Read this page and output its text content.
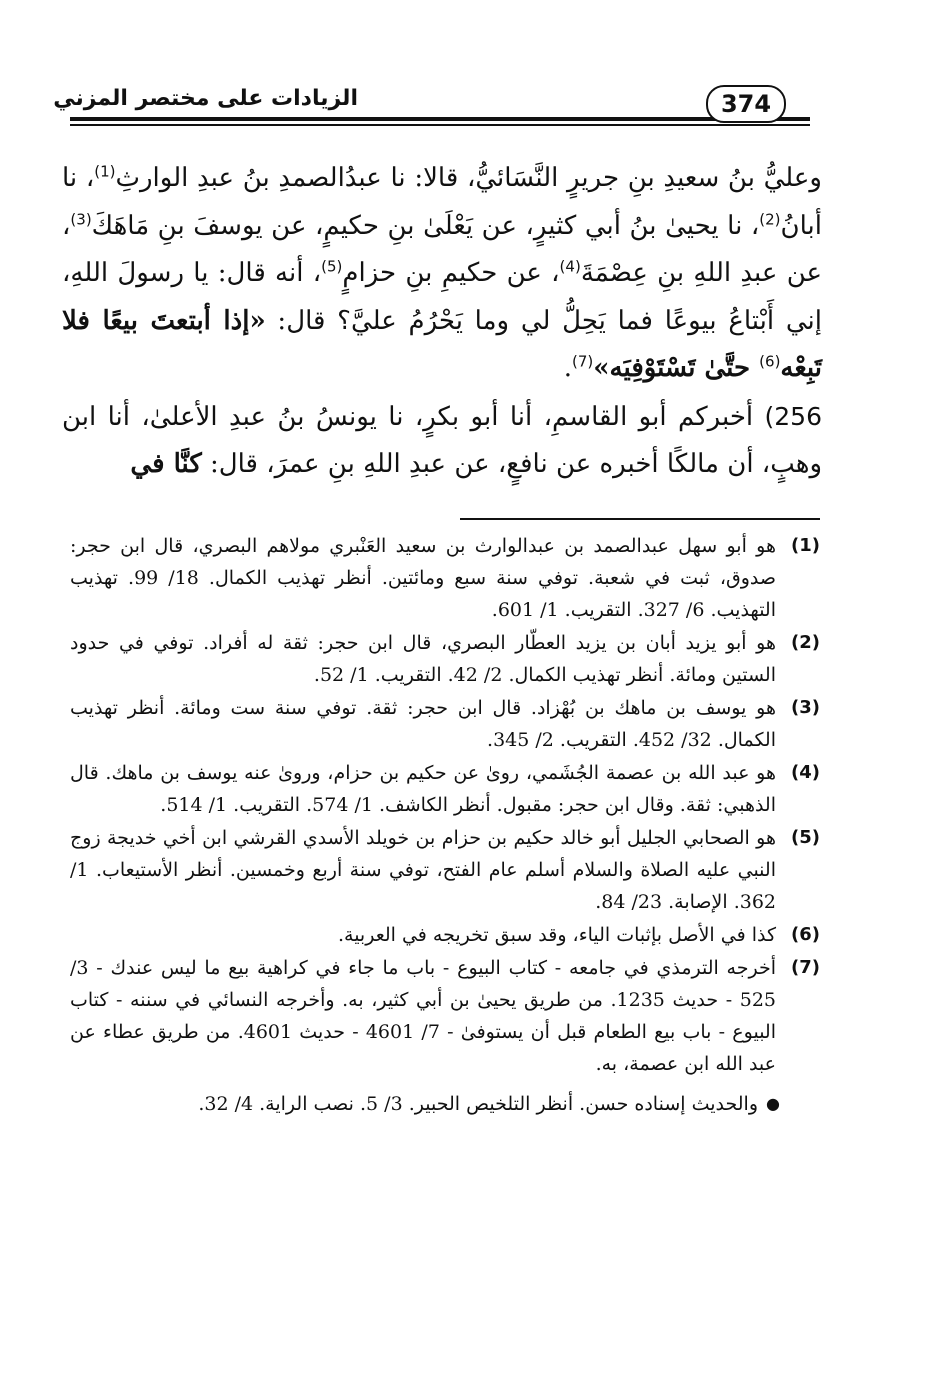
الزيادات على مختصر المزني	374

وعليُّ بنُ سعيدِ بنِ جريرٍ النَّسَائيُّ، قالا: نا عبدُالصمدِ بنُ عبدِ الوارثِ$^{(1)}$، نا أبانُ$^{(2)}$، نا يحيىٰ بنُ أبي كثيرٍ، عن يَعْلَىٰ بنِ حكيمٍ، عن يوسفَ بنِ مَاهَكَ$^{(3)}$، عن عبدِ اللهِ بنِ عِصْمَةَ$^{(4)}$، عن حكيمِ بنِ حزامٍ$^{(5)}$، أنه قال: يا رسولَ اللهِ، إني أَبْتاعُ بيوعًا فما يَحِلُّ لي وما يَحْرُمُ عليَّ؟ قال: «إذا أبتعتَ بيعًا فلا تَبِعْه$^{(6)}$ حتَّىٰ تَسْتَوْفِيَه»$^{(7)}$.

256) أخبركم أبو القاسمِ، أنا أبو بكرٍ، نا يونسُ بنُ عبدِ الأعلىٰ، أنا ابن وهبٍ، أن مالكًا أخبره عن نافعٍ، عن عبدِ اللهِ بنِ عمرَ، قال: كنَّا في

(1)
هو أبو سهل عبدالصمد بن عبدالوارث بن سعيد العَنْبري مولاهم البصري، قال ابن حجر: صدوق، ثبت في شعبة. توفي سنة سبع ومائتين. أنظر تهذيب الكمال. 18/ 99. تهذيب التهذيب. 6/ 327. التقريب. 1/ 601.
(2)
هو أبو يزيد أبان بن يزيد العطّار البصري، قال ابن حجر: ثقة له أفراد. توفي في حدود الستين ومائة. أنظر تهذيب الكمال. 2/ 42. التقريب. 1/ 52.
(3)
هو يوسف بن ماهك بن بُهْزاد. قال ابن حجر: ثقة. توفي سنة ست ومائة. أنظر تهذيب الكمال. 32/ 452. التقريب. 2/ 345.
(4)
هو عبد الله بن عصمة الجُشَمي، روىٰ عن حكيم بن حزام، وروىٰ عنه يوسف بن ماهك. قال الذهبي: ثقة. وقال ابن حجر: مقبول. أنظر الكاشف. 1/ 574. التقريب. 1/ 514.
(5)
هو الصحابي الجليل أبو خالد حكيم بن حزام بن خويلد الأسدي القرشي ابن أخي خديجة زوج النبي عليه الصلاة والسلام أسلم عام الفتح، توفي سنة أربع وخمسين. أنظر الأستيعاب. 1/ 362. الإصابة. 23/ 84.
(6)
كذا في الأصل بإثبات الياء، وقد سبق تخريجه في العربية.
(7)
أخرجه الترمذي في جامعه - كتاب البيوع - باب ما جاء في كراهية بيع ما ليس عندك - 3/ 525 - حديث 1235. من طريق يحيىٰ بن أبي كثير، به. وأخرجه النسائي في سننه - كتاب البيوع - باب بيع الطعام قبل أن يستوفىٰ - 7/ 4601 - حديث 4601. من طريق عطاء عن عبد الله ابن عصمة، به.
●
والحديث إسناده حسن. أنظر التلخيص الحبير. 3/ 5. نصب الراية. 4/ 32.
